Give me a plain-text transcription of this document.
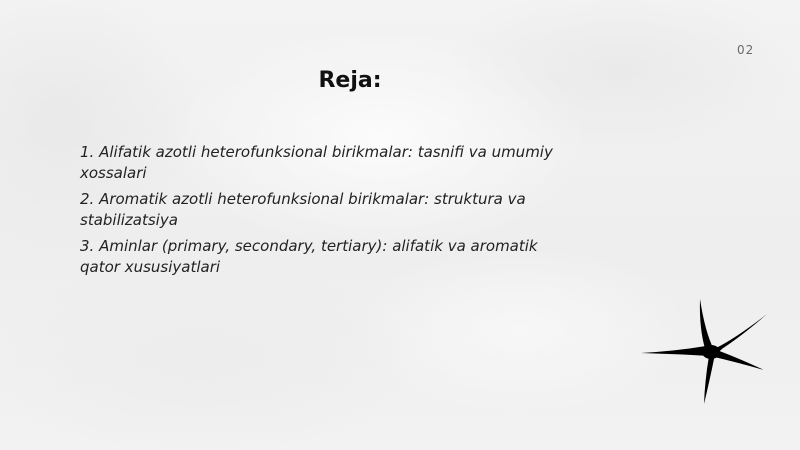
02
Reja:
1. Alifatik azotli heterofunksional birikmalar: tasnifi va umumiy xossalari
2. Aromatik azotli heterofunksional birikmalar: struktura va stabilizatsiya
3. Aminlar (primary, secondary, tertiary): alifatik va aromatik qator xususiyatlari
